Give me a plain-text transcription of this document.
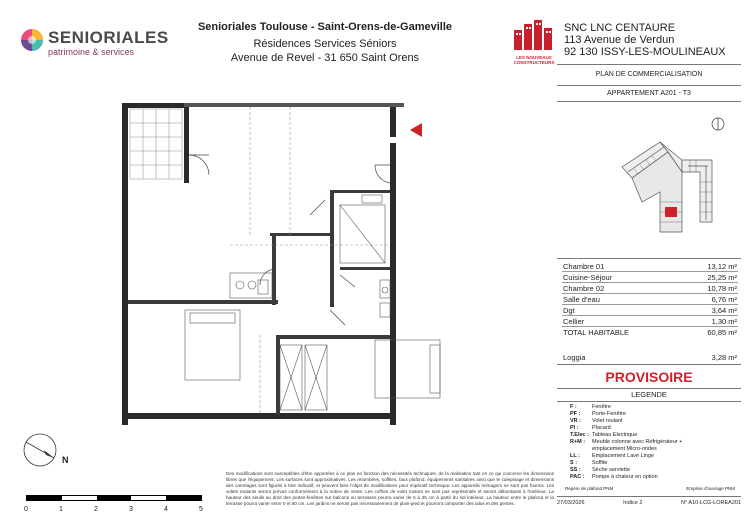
SENIORIALES
patrimoine & services
Senioriales Toulouse - Saint-Orens-de-Gameville
Résidences Services Séniors
Avenue de Revel - 31 650 Saint Orens	LES NOUVEAUX CONSTRUCTEURS
SNC LNC CENTAURE
113 Avenue de Verdun
92 130 ISSY-LES-MOULINEAUX
PLAN DE COMMERCIALISATION
APPARTEMENT A201 - T3
Chambre 01	13,12 m²
Cuisine-Séjour	25,25 m²
Chambre 02	10,78 m²
Salle d'eau	6,76 m²
Dgt	3,64 m²
Cellier	1,30 m²
TOTAL HABITABLE	60,85 m²
Loggia	3,28 m²
PROVISOIRE
LEGENDE
F :	Fenêtre
PF :	Porte-Fenêtre
VR :	Volet roulant
Pl :	Placard
T.Elec : Tableau Electrique
R+M :	Meuble colonne avec Réfrigérateur + emplacement Micro-ondes
LL :	Emplacement Lave Linge
S :	Soffite
SS :	Sèche serviette
PAC :	Pompe à chaleur en option
Repère de plafond PNM	Emprise d'ouvrage PNM
27/03/2026	Indice 2	N° A10-LCG-LOREA201
N
0	1	2	3	4	5
Des modifications sont susceptibles d'être apportées à ce plan en fonction des nécessités techniques, de la réalisation tant en ce qui concerne les dimensions libres que l'équipement. Les surfaces sont approximatives. Les retombées, soffites, faux plafond, équipements sanitaires ainsi que le calepinage et dimensions des carrelages sont figurés à titre indicatif, et peuvent faire l'objet de modifications pour impératif technique. Les appareils ménagers ne sont pas fournis. Les volets roulants seront prévus conformément à la notice de vente. Les coffres de volet roulant ne sont pas représentés et seront débordants à l'intérieur. La hauteur des seuils au droit des portes-fenêtres sur balcons ou terrasses pourra varier de 5 à 35 cm à partir du sol intérieur. La hauteur entre le plafond et la terrasse pourra varier entre 0 et 60 cm. Les jardins ne seront pas nécessairement de plain-pied et pourront comporter des talus et des pentes.
